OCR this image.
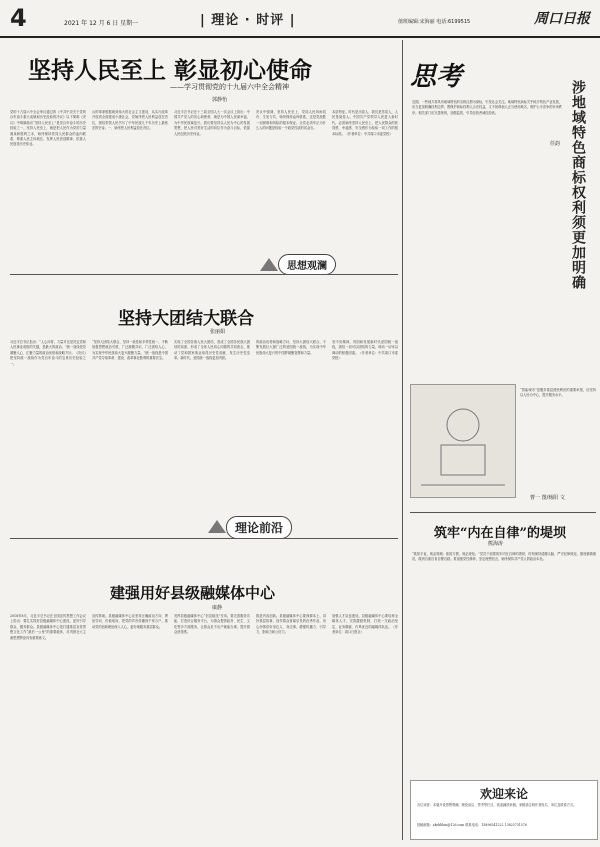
4	2021 年 12 月 6 日 星期一	| 理论 · 时评 |	值班编辑:宋海丽 电话:6199515	周口日报
坚持人民至上 彰显初心使命
——学习贯彻党的十九届六中全会精神
郭静怡
党的十九届六中全会审议通过的《中共中央关于党的百年奋斗重大成就和历史经验的决议》以下简称《决议》中明确指出“坚持人民至上”是党百年奋斗的历史经验之一。坚持人民至上，就是把人民作为党的力量源泉和胜利之本，始终保持党同人民群众的血肉联系，尊重人民主体地位，发挥人民首创精神，依靠人民创造历史伟业。
山的革命根据地到伟大的社会主义建设，从实行改革开放到全面建成小康社会，党始终把人民利益放在首位，团结带领人民书写了中华民族几千年历史上最恢宏的史诗。一、始终把人民利益放在首位。
习近平总书记在十三届全国人大一次会议上指出：中国共产党人的初心和使命，就是为中国人民谋幸福，为中华民族谋复兴。我们要坚持以人民为中心的发展思想，把人民对美好生活的向往作为奋斗目标，依靠人民创造历史伟业。
决议中强调，坚持人民至上，党同人民风雨同舟、生死与共，始终保持血肉联系，这是党战胜一切困难和风险的根本保证。全党必须牢记为什么人的问题是检验一个政党性质的试金石。
本质特征。时代是出卷人，我们是答卷人，人民是阅卷人。中国共产党领导人民进入新时代，必须始终坚持人民至上，把人民群众的获得感、幸福感、安全感作为检验一切工作的根本标准。（作者单位：中共周口市委党校）
思想观澜
坚持大团结大联合
张丽娟
习近平总书记指出：“人心向背，力量对比是决定党和人民事业成败的关键，是最大的政治。”统一战线是党凝聚人心、汇聚力量的政治优势和战略方针。《决议》把坚持统一战线作为党百年奋斗的宝贵历史经验之一。
“坚持大团结大联合，坚持一致性和多样性统一，不断加强思想政治引领，广泛凝聚共识，广泛团结人心，为实现中华民族伟大复兴凝聚力量。”统一战线是中国共产党夺取革命、建设、改革事业胜利的重要法宝。
实现了全国各族人民大团结，造成了全国各民族大团结的局面，形成了全体人民同心同德的共同意志，推动了党和国家事业取得历史性成就、发生历史性变革。新时代，爱国统一战线更加巩固。
的政治优势和战略方针，坚持大团结大联合，不断发展壮大最广泛的爱国统一战线，为实现中华民族伟大复兴的中国梦凝聚智慧和力量。
发中央精神，巩固和发展新时代爱国统一战线，团结一切可以团结的力量，调动一切可以调动的积极因素。（作者单位：中共周口市委党校）
理论前沿
建强用好县级融媒体中心
康静
2018年8月，习近平总书记在全国宣传思想工作会议上指出：要扎实抓好县级融媒体中心建设，更好引导群众、服务群众。县级融媒体中心是打通基层宣传思想文化工作“最后一公里”的重要载体，对巩固壮大主流思想舆论具有重要意义。
宣传阵地。县级融媒体中心应坚持正确政治方向、舆论导向、价值取向，把党的声音传播到千家万户，推动党的创新理论深入人心，更好地服务基层群众。
发挥县级融媒体中心“信息枢纽”作用。要完善服务功能，打造综合服务平台，为群众提供政务、民生、文化等多方面服务，让群众足不出户就能办事，提升群众获得感。
推进内容创新。县级融媒体中心要深耕本土，讲好基层故事，创作群众喜闻乐见的优秀作品，用心用情讲好身边人、身边事，增强传播力、引导力、影响力和公信力。
加强人才队伍建设。县级融媒体中心要培养全媒体人才，完善激励机制，打造一支政治坚定、业务精湛、作风优良的融媒体队伍。（作者单位：周口日报社）
思考
涉地域特色商标权利须更加明确
任韵
近期，一些地方将具有地域特色的名称注册为商标，引发社会关注。地域特色商标关乎地方特色产业发展，应当更加明确权利边界，既保护商标权利人合法权益，又不妨碍他人正当使用地名，维护公平竞争的市场秩序。相关部门应完善规则，加强监管，引导经营者诚信经营。
“智能城市”是服务基层便民利民的重要举措，应坚持以人民为中心，提升服务水平。
曹一 图/杨阳 文
筑牢“内在自律”的堤坝
熊海涛
“欲知平直，则必准绳；欲知方圆，则必规矩。”党员干部要筑牢内在自律的堤坝，时刻保持清醒头脑，严守纪律规矩，慎独慎微慎初，做到自重自省自警自励。要加强党性修养，坚定理想信念，始终保持共产党人的政治本色。
欢迎来论
各位读者：本版开设思想观澜、理论前沿、思考等栏目，欢迎踊跃来稿。来稿请注明作者姓名、单位及联系方式。
投稿邮箱：zkrblilun@126.com 联系电话：15896541222 13825731576
